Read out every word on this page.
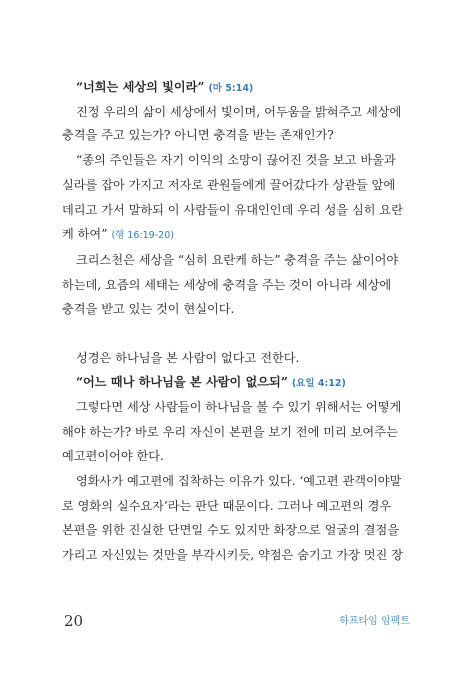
“너희는 세상의 빛이라” (마 5:14)
진정 우리의 삶이 세상에서 빛이며, 어두움을 밝혀주고 세상에
충격을 주고 있는가? 아니면 충격을 받는 존재인가?
“종의 주인들은 자기 이익의 소망이 끊어진 것을 보고 바울과
실라를 잡아 가지고 저자로 관원들에게 끌어갔다가 상관들 앞에
데리고 가서 말하되 이 사람들이 유대인인데 우리 성을 심히 요란
케 하여” (행 16:19-20)
크리스천은 세상을 “심히 요란케 하는” 충격을 주는 삶이어야
하는데, 요즘의 세태는 세상에 충격을 주는 것이 아니라 세상에
충격을 받고 있는 것이 현실이다.
성경은 하나님을 본 사람이 없다고 전한다.
“어느 때나 하나님을 본 사람이 없으되” (요일 4:12)
그렇다면 세상 사람들이 하나님을 볼 수 있기 위해서는 어떻게
해야 하는가? 바로 우리 자신이 본편을 보기 전에 미리 보여주는
예고편이어야 한다.
영화사가 예고편에 집착하는 이유가 있다. ‘예고편 관객이야말
로 영화의 실수요자’라는 판단 때문이다. 그러나 예고편의 경우
본편을 위한 진실한 단면일 수도 있지만 화장으로 얼굴의 결점을
가리고 자신있는 것만을 부각시키듯, 약점은 숨기고 가장 멋진 장
20	하프타임 임팩트
